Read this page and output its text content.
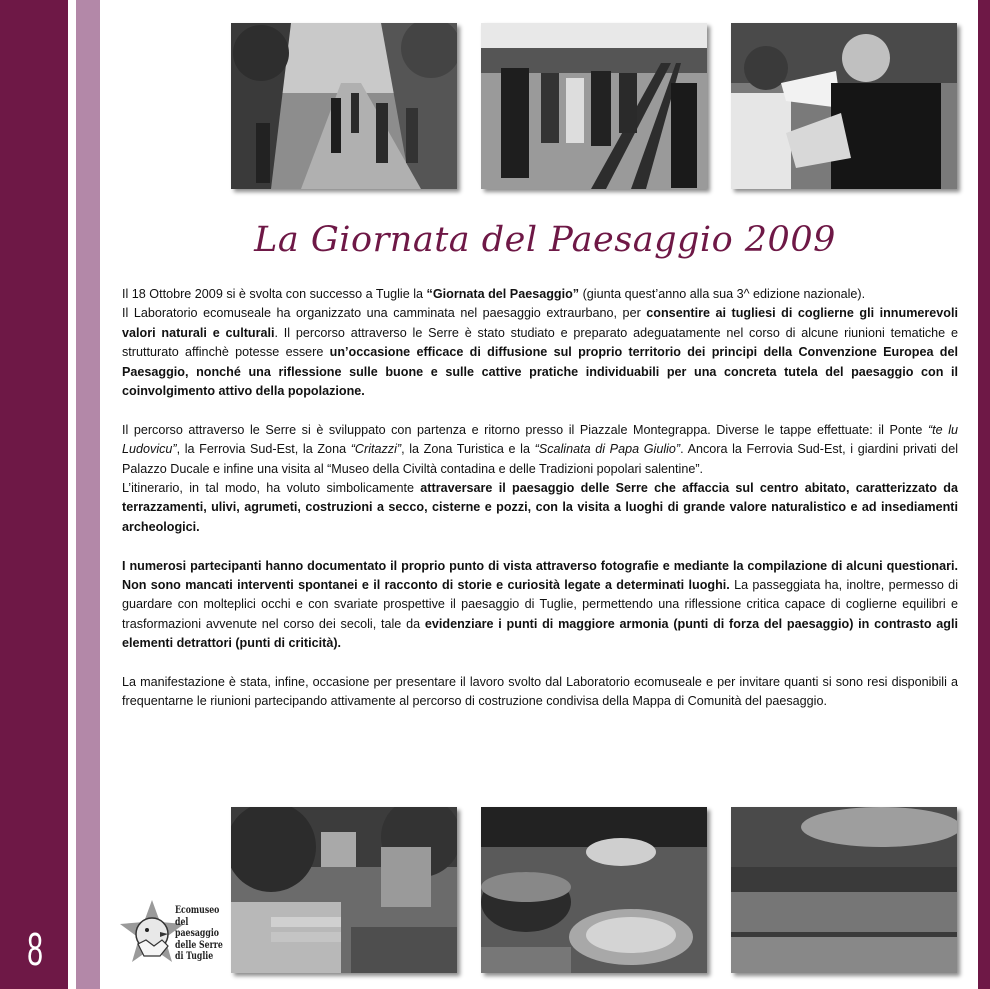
8
La Giornata del Paesaggio 2009

Il 18 Ottobre 2009 si è svolta con successo a Tuglie la “Giornata del Paesaggio” (giunta quest’anno alla sua 3^ edizione nazionale).

Il Laboratorio ecomuseale ha organizzato una camminata nel paesaggio extraurbano, per consentire ai tugliesi di coglierne gli innumerevoli valori naturali e culturali. Il percorso attraverso le Serre è stato studiato e preparato adeguatamente nel corso di alcune riunioni tematiche e strutturato affinchè potesse essere un’occasione efficace di diffusione sul proprio territorio dei principi della Convenzione Europea del Paesaggio, nonché una riflessione sulle buone e sulle cattive pratiche individuabili per una concreta tutela del paesaggio con il coinvolgimento attivo della popolazione.

Il percorso attraverso le Serre si è sviluppato con partenza e ritorno presso il Piazzale Montegrappa. Diverse le tappe effettuate: il Ponte “te lu Ludovicu”, la Ferrovia Sud-Est, la Zona “Critazzi”, la Zona Turistica e la “Scalinata di Papa Giulio”. Ancora la Ferrovia Sud-Est, i giardini privati del Palazzo Ducale e infine una visita al “Museo della Civiltà contadina e delle Tradizioni popolari salentine”.

L’itinerario, in tal modo, ha voluto simbolicamente attraversare il paesaggio delle Serre che affaccia sul centro abitato, caratterizzato da terrazzamenti, ulivi, agrumeti, costruzioni a secco, cisterne e pozzi, con la visita a luoghi di grande valore naturalistico e ad insediamenti archeologici.

I numerosi partecipanti hanno documentato il proprio punto di vista attraverso fotografie e mediante la compilazione di alcuni questionari. Non sono mancati interventi spontanei e il racconto di storie e curiosità legate a determinati luoghi. La passeggiata ha, inoltre, permesso di guardare con molteplici occhi e con svariate prospettive il paesaggio di Tuglie, permettendo una riflessione critica capace di coglierne equilibri e trasformazioni avvenute nel corso dei secoli, tale da evidenziare i punti di maggiore armonia (punti di forza del paesaggio) in contrasto agli elementi detrattori (punti di criticità).

La manifestazione è stata, infine, occasione per presentare il lavoro svolto dal Laboratorio ecomuseale e per invitare quanti si sono resi disponibili a frequentarne le riunioni partecipando attivamente al percorso di costruzione condivisa della Mappa di Comunità del paesaggio.

Ecomuseo
del paesaggio
delle Serre
di Tuglie
